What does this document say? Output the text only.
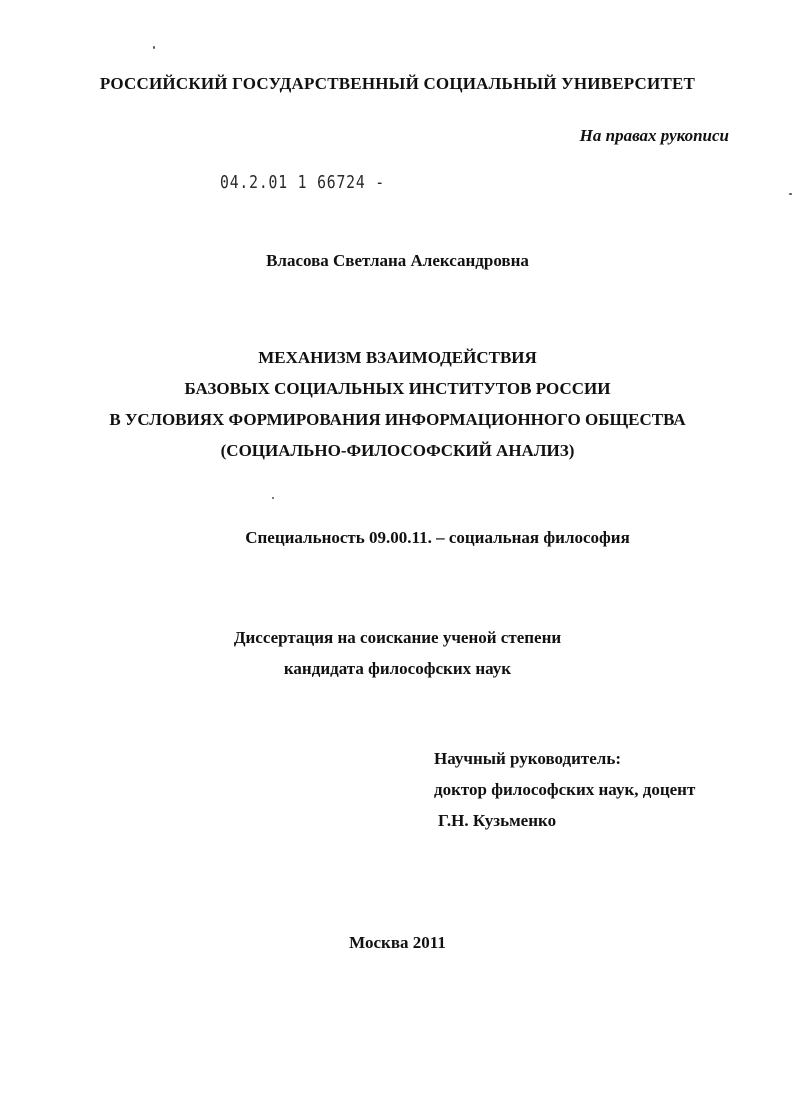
РОССИЙСКИЙ ГОСУДАРСТВЕННЫЙ СОЦИАЛЬНЫЙ УНИВЕРСИТЕТ
На правах рукописи
04.2.01 1 66724 -
Власова Светлана Александровна
МЕХАНИЗМ ВЗАИМОДЕЙСТВИЯ
БАЗОВЫХ СОЦИАЛЬНЫХ ИНСТИТУТОВ РОССИИ
В УСЛОВИЯХ ФОРМИРОВАНИЯ ИНФОРМАЦИОННОГО ОБЩЕСТВА
(СОЦИАЛЬНО-ФИЛОСОФСКИЙ АНАЛИЗ)
Специальность 09.00.11. – социальная философия
Диссертация на соискание ученой степени
кандидата философских наук
Научный руководитель:
доктор философских наук, доцент
Г.Н. Кузьменко
Москва 2011
